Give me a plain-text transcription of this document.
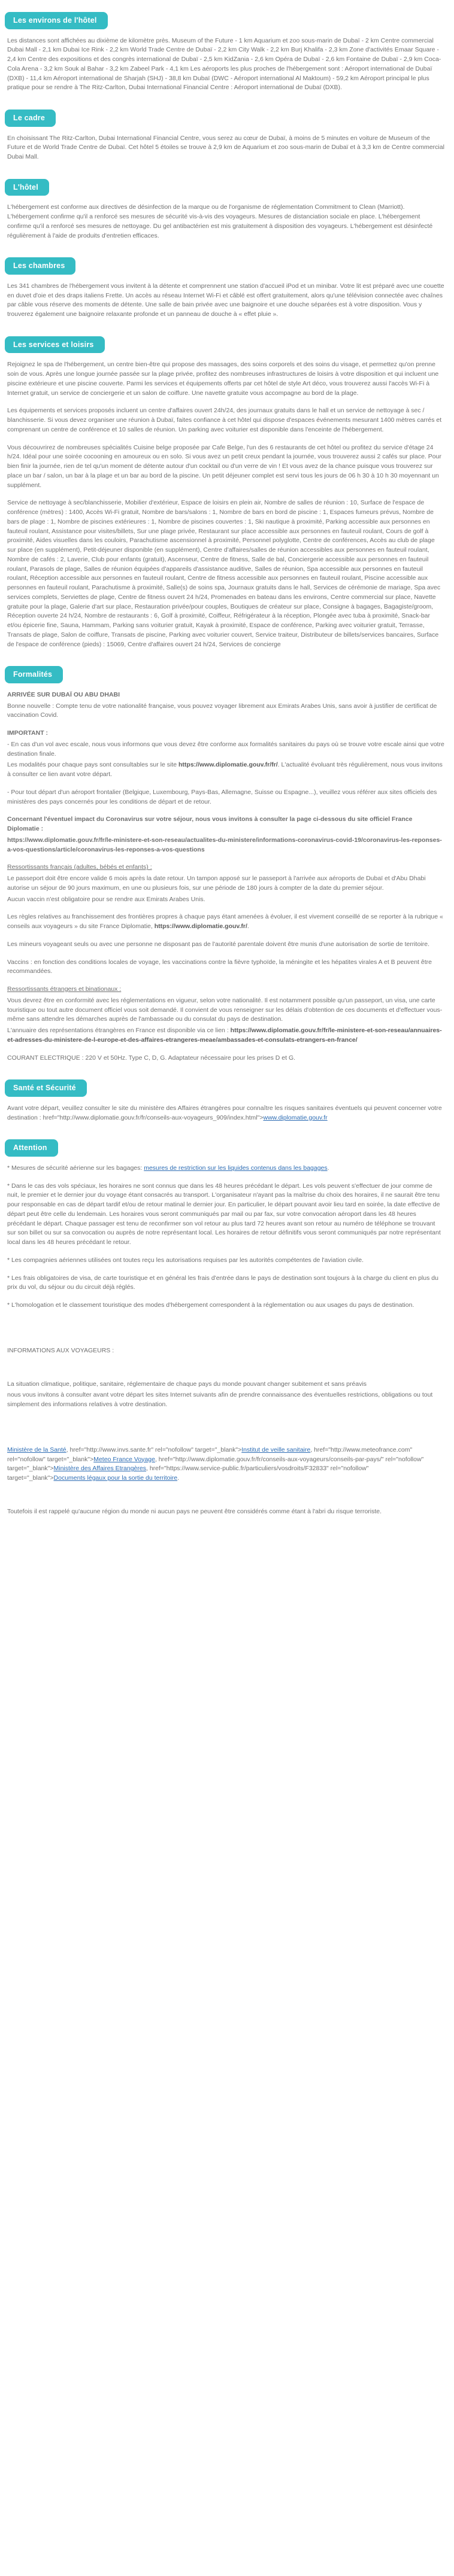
Les environs de l'hôtel

Les distances sont affichées au dixième de kilomètre près. Museum of the Future - 1 km Aquarium et zoo sous-marin de Dubaï - 2 km Centre commercial Dubai Mall - 2,1 km Dubai Ice Rink - 2,2 km World Trade Centre de Dubaï - 2,2 km City Walk - 2,2 km Burj Khalifa - 2,3 km Zone d'activités Emaar Square - 2,4 km Centre des expositions et des congrès international de Dubaï - 2,5 km KidZania - 2,6 km Opéra de Dubaï - 2,6 km Fontaine de Dubaï - 2,9 km Coca-Cola Arena - 3,2 km Souk al Bahar - 3,2 km Zabeel Park - 4,1 km Les aéroports les plus proches de l'hébergement sont : Aéroport international de Dubaï (DXB) - 11,4 km Aéroport international de Sharjah (SHJ) - 38,8 km Dubaï (DWC - Aéroport international Al Maktoum) - 59,2 km Aéroport principal le plus pratique pour se rendre à The Ritz-Carlton, Dubai International Financial Centre : Aéroport international de Dubaï (DXB).

Le cadre

En choisissant The Ritz-Carlton, Dubai International Financial Centre, vous serez au cœur de Dubaï, à moins de 5 minutes en voiture de Museum of the Future et de World Trade Centre de Dubaï. Cet hôtel 5 étoiles se trouve à 2,9 km de Aquarium et zoo sous-marin de Dubaï et à 3,3 km de Centre commercial Dubai Mall.

L'hôtel

L'hébergement est conforme aux directives de désinfection de la marque ou de l'organisme de réglementation Commitment to Clean (Marriott). L'hébergement confirme qu'il a renforcé ses mesures de sécurité vis-à-vis des voyageurs. Mesures de distanciation sociale en place. L'hébergement confirme qu'il a renforcé ses mesures de nettoyage. Du gel antibactérien est mis gratuitement à disposition des voyageurs. L'hébergement est désinfecté régulièrement à l'aide de produits d'entretien efficaces.

Les chambres

Les 341 chambres de l'hébergement vous invitent à la détente et comprennent une station d'accueil iPod et un minibar. Votre lit est préparé avec une couette en duvet d'oie et des draps italiens Frette. Un accès au réseau Internet Wi-Fi et câblé est offert gratuitement, alors qu'une télévision connectée avec chaînes par câble vous réserve des moments de détente. Une salle de bain privée avec une baignoire et une douche séparées est à votre disposition. Vous y trouverez également une baignoire relaxante profonde et un panneau de douche à « effet pluie ».

Les services et loisirs

Rejoignez le spa de l'hébergement, un centre bien-être qui propose des massages, des soins corporels et des soins du visage, et permettez qu'on prenne soin de vous. Après une longue journée passée sur la plage privée, profitez des nombreuses infrastructures de loisirs à votre disposition et qui incluent une piscine extérieure et une piscine couverte. Parmi les services et équipements offerts par cet hôtel de style Art déco, vous trouverez aussi l'accès Wi-Fi à Internet gratuit, un service de conciergerie et un salon de coiffure. Une navette gratuite vous accompagne au bord de la plage.

Les équipements et services proposés incluent un centre d'affaires ouvert 24h/24, des journaux gratuits dans le hall et un service de nettoyage à sec / blanchisserie. Si vous devez organiser une réunion à Dubaï, faites confiance à cet hôtel qui dispose d'espaces événements mesurant 1400 mètres carrés et comprenant un centre de conférence et 10 salles de réunion. Un parking avec voiturier est disponible dans l'enceinte de l'hébergement.

Vous découvrirez de nombreuses spécialités Cuisine belge proposée par Cafe Belge, l'un des 6 restaurants de cet hôtel ou profitez du service d'étage 24 h/24. Idéal pour une soirée cocooning en amoureux ou en solo. Si vous avez un petit creux pendant la journée, vous trouverez aussi 2 cafés sur place. Pour bien finir la journée, rien de tel qu'un moment de détente autour d'un cocktail ou d'un verre de vin ! Et vous avez de la chance puisque vous trouverez sur place un bar / salon, un bar à la plage et un bar au bord de la piscine. Un petit déjeuner complet est servi tous les jours de 06 h 30 à 10 h 30 moyennant un supplément.

Service de nettoyage à sec/blanchisserie, Mobilier d'extérieur, Espace de loisirs en plein air, Nombre de salles de réunion : 10, Surface de l'espace de conférence (mètres) : 1400, Accès Wi-Fi gratuit, Nombre de bars/salons : 1, Nombre de bars en bord de piscine : 1, Espaces fumeurs prévus, Nombre de bars de plage : 1, Nombre de piscines extérieures : 1, Nombre de piscines couvertes : 1, Ski nautique à proximité, Parking accessible aux personnes en fauteuil roulant, Assistance pour visites/billets, Sur une plage privée, Restaurant sur place accessible aux personnes en fauteuil roulant, Cours de golf à proximité, Aides visuelles dans les couloirs, Parachutisme ascensionnel à proximité, Personnel polyglotte, Centre de conférences, Accès au club de plage sur place (en supplément), Petit-déjeuner disponible (en supplément), Centre d'affaires/salles de réunion accessibles aux personnes en fauteuil roulant, Nombre de cafés : 2, Laverie, Club pour enfants (gratuit), Ascenseur, Centre de fitness, Salle de bal, Conciergerie accessible aux personnes en fauteuil roulant, Parasols de plage, Salles de réunion équipées d'appareils d'assistance auditive, Salles de réunion, Spa accessible aux personnes en fauteuil roulant, Réception accessible aux personnes en fauteuil roulant, Centre de fitness accessible aux personnes en fauteuil roulant, Piscine accessible aux personnes en fauteuil roulant, Parachutisme à proximité, Salle(s) de soins spa, Journaux gratuits dans le hall, Services de cérémonie de mariage, Spa avec services complets, Serviettes de plage, Centre de fitness ouvert 24 h/24, Promenades en bateau dans les environs, Centre commercial sur place, Navette gratuite pour la plage, Galerie d'art sur place, Restauration privée/pour couples, Boutiques de créateur sur place, Consigne à bagages, Bagagiste/groom, Réception ouverte 24 h/24, Nombre de restaurants : 6, Golf à proximité, Coiffeur, Réfrigérateur à la réception, Plongée avec tuba à proximité, Snack-bar et/ou épicerie fine, Sauna, Hammam, Parking sans voiturier gratuit, Kayak à proximité, Espace de conférence, Parking avec voiturier gratuit, Terrasse, Transats de plage, Salon de coiffure, Transats de piscine, Parking avec voiturier couvert, Service traiteur, Distributeur de billets/services bancaires, Surface de l'espace de conférence (pieds) : 15069, Centre d'affaires ouvert 24 h/24, Services de concierge

Formalités

ARRIVÉE SUR DUBAÏ OU ABU DHABI

Bonne nouvelle : Compte tenu de votre nationalité française, vous pouvez voyager librement aux Emirats Arabes Unis, sans avoir à justifier de certificat de vaccination Covid.

IMPORTANT :

- En cas d'un vol avec escale, nous vous informons que vous devez être conforme aux formalités sanitaires du pays où se trouve votre escale ainsi que votre destination finale.

Les modalités pour chaque pays sont consultables sur le site https://www.diplomatie.gouv.fr/fr/. L'actualité évoluant très régulièrement, nous vous invitons à consulter ce lien avant votre départ.

- Pour tout départ d'un aéroport frontalier (Belgique, Luxembourg, Pays-Bas, Allemagne, Suisse ou Espagne...), veuillez vous référer aux sites officiels des ministères des pays concernés pour les conditions de départ et de retour.

Concernant l'éventuel impact du Coronavirus sur votre séjour, nous vous invitons à consulter la page ci-dessous du site officiel France Diplomatie :

https://www.diplomatie.gouv.fr/fr/le-ministere-et-son-reseau/actualites-du-ministere/informations-coronavirus-covid-19/coronavirus-les-reponses-a-vos-questions/article/coronavirus-les-reponses-a-vos-questions

Ressortissants français (adultes, bébés et enfants) :

Le passeport doit être encore valide 6 mois après la date retour. Un tampon apposé sur le passeport à l'arrivée aux aéroports de Dubaï et d'Abu Dhabi autorise un séjour de 90 jours maximum, en une ou plusieurs fois, sur une période de 180 jours à compter de la date du premier séjour.

Aucun vaccin n'est obligatoire pour se rendre aux Emirats Arabes Unis.

Les règles relatives au franchissement des frontières propres à chaque pays étant amenées à évoluer, il est vivement conseillé de se reporter à la rubrique « conseils aux voyageurs » du site France Diplomatie, https://www.diplomatie.gouv.fr/.

Les mineurs voyageant seuls ou avec une personne ne disposant pas de l'autorité parentale doivent être munis d'une autorisation de sortie de territoire.

Vaccins : en fonction des conditions locales de voyage, les vaccinations contre la fièvre typhoïde, la méningite et les hépatites virales A et B peuvent être recommandées.

Ressortissants étrangers et binationaux :

Vous devrez être en conformité avec les réglementations en vigueur, selon votre nationalité. Il est notamment possible qu'un passeport, un visa, une carte touristique ou tout autre document officiel vous soit demandé. Il convient de vous renseigner sur les délais d'obtention de ces documents et d'effectuer vous-même sans attendre les démarches auprès de l'ambassade ou du consulat du pays de destination.

L'annuaire des représentations étrangères en France est disponible via ce lien : https://www.diplomatie.gouv.fr/fr/le-ministere-et-son-reseau/annuaires-et-adresses-du-ministere-de-l-europe-et-des-affaires-etrangeres-meae/ambassades-et-consulats-etrangers-en-france/

COURANT ELECTRIQUE : 220 V et 50Hz. Type C, D, G. Adaptateur nécessaire pour les prises D et G.

Santé et Sécurité

Avant votre départ, veuillez consulter le site du ministère des Affaires étrangères pour connaître les risques sanitaires éventuels qui peuvent concerner votre destination : href="http://www.diplomatie.gouv.fr/fr/conseils-aux-voyageurs_909/index.html">www.diplomatie.gouv.fr

Attention

* Mesures de sécurité aérienne sur les bagages: mesures de restriction sur les liquides contenus dans les bagages.

* Dans le cas des vols spéciaux, les horaires ne sont connus que dans les 48 heures précédant le départ. Les vols peuvent s'effectuer de jour comme de nuit, le premier et le dernier jour du voyage étant consacrés au transport. L'organisateur n'ayant pas la maîtrise du choix des horaires, il ne saurait être tenu pour responsable en cas de départ tardif et/ou de retour matinal le dernier jour. En particulier, le départ pouvant avoir lieu tard en soirée, la date effective de départ peut être celle du lendemain. Les horaires vous seront communiqués par mail ou par fax, sur votre convocation aéroport dans les 48 heures précédant le départ. Chaque passager est tenu de reconfirmer son vol retour au plus tard 72 heures avant son retour au numéro de téléphone se trouvant sur son billet ou sur sa convocation ou auprès de notre représentant local. Les horaires de retour définitifs vous seront communiqués par notre représentant local dans les 48 heures précédant le retour.

* Les compagnies aériennes utilisées ont toutes reçu les autorisations requises par les autorités compétentes de l'aviation civile.

* Les frais obligatoires de visa, de carte touristique et en général les frais d'entrée dans le pays de destination sont toujours à la charge du client en plus du prix du vol, du séjour ou du circuit déjà réglés.

* L'homologation et le classement touristique des modes d'hébergement correspondent à la réglementation ou aux usages du pays de destination.

INFORMATIONS AUX VOYAGEURS :

La situation climatique, politique, sanitaire, réglementaire de chaque pays du monde pouvant changer subitement et sans préavis

nous vous invitons à consulter avant votre départ les sites Internet suivants afin de prendre connaissance des éventuelles restrictions, obligations ou tout simplement des informations relatives à votre destination.

Ministère de la Santé, href="http://www.invs.sante.fr" rel="nofollow" target="_blank">Institut de veille sanitaire, href="http://www.meteofrance.com" rel="nofollow" target="_blank">Meteo France Voyage, href="http://www.diplomatie.gouv.fr/fr/conseils-aux-voyageurs/conseils-par-pays/" rel="nofollow" target="_blank">Ministère des Affaires Etrangères, href="https://www.service-public.fr/particuliers/vosdroits/F32833" rel="nofollow" target="_blank">Documents légaux pour la sortie du territoire.

Toutefois il est rappelé qu'aucune région du monde ni aucun pays ne peuvent être considérés comme étant à l'abri du risque terroriste.
